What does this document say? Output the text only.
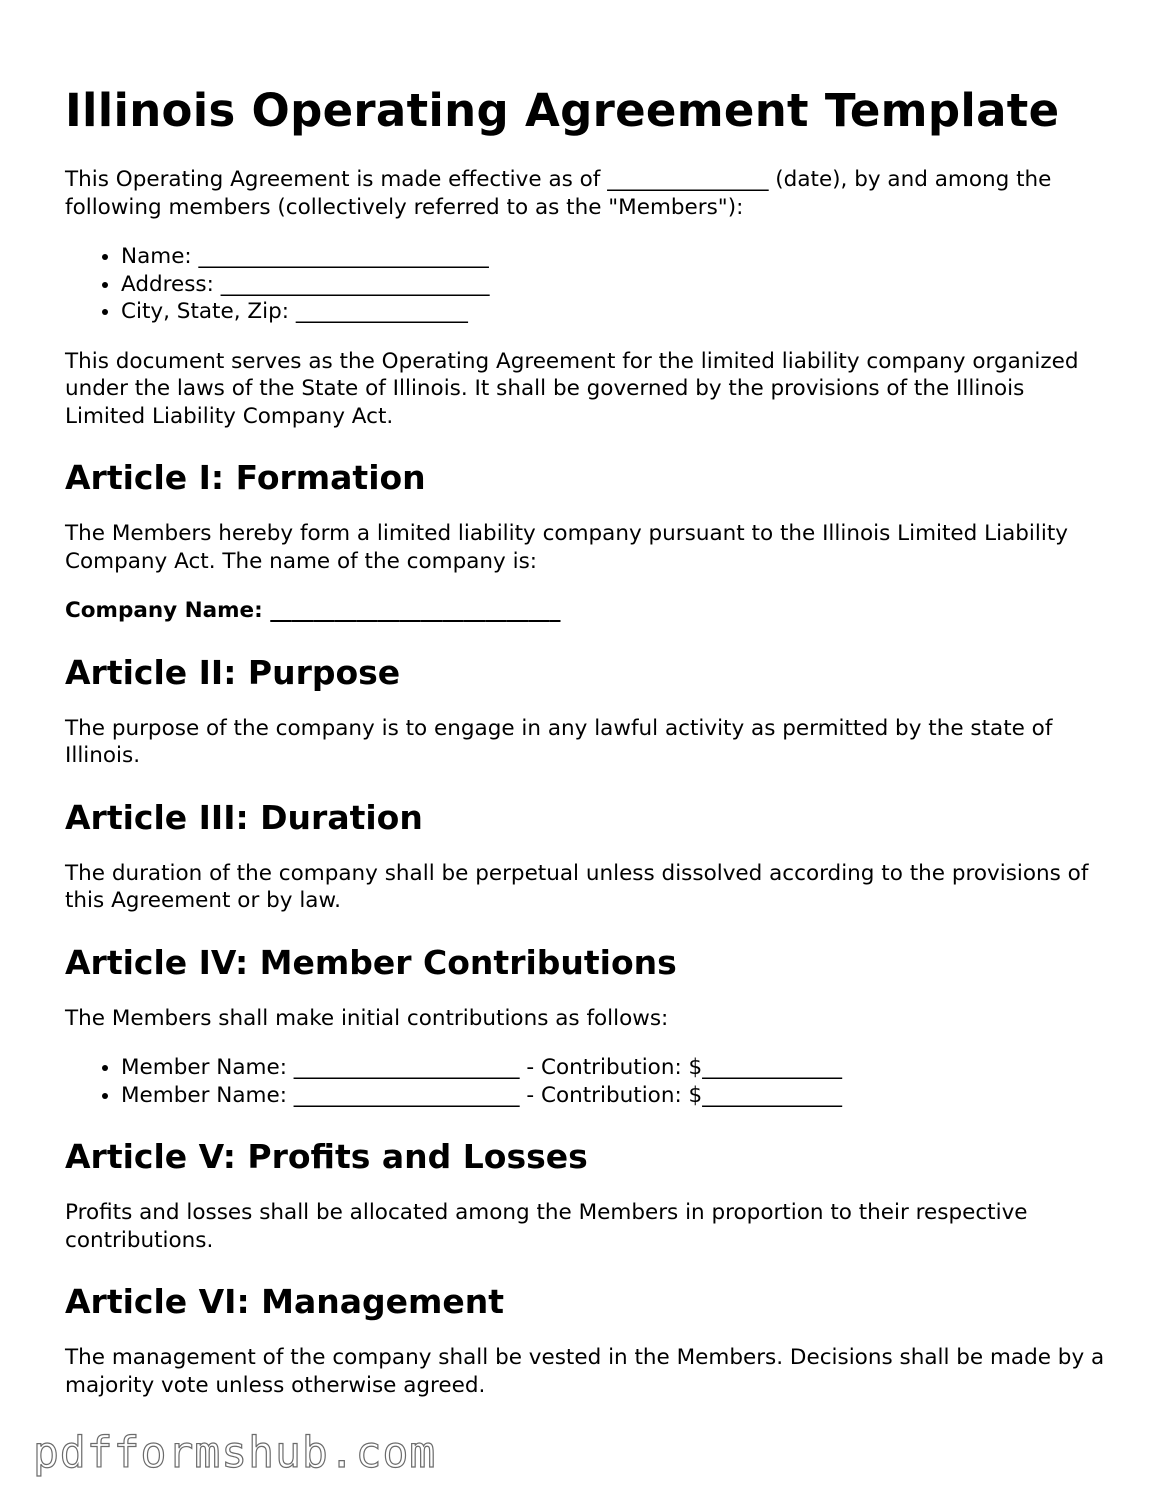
Illinois Operating Agreement Template

This Operating Agreement is made effective as of _______________ (date), by and among the following members (collectively referred to as the "Members"):

• Name: ___________________________
• Address: _________________________
• City, State, Zip: ________________

This document serves as the Operating Agreement for the limited liability company organized under the laws of the State of Illinois. It shall be governed by the provisions of the Illinois Limited Liability Company Act.

Article I: Formation

The Members hereby form a limited liability company pursuant to the Illinois Limited Liability Company Act. The name of the company is:

Company Name: ___________________________

Article II: Purpose

The purpose of the company is to engage in any lawful activity as permitted by the state of Illinois.

Article III: Duration

The duration of the company shall be perpetual unless dissolved according to the provisions of this Agreement or by law.

Article IV: Member Contributions

The Members shall make initial contributions as follows:

• Member Name: _____________________ - Contribution: $_____________
• Member Name: _____________________ - Contribution: $_____________
Article V: Profits and Losses

Profits and losses shall be allocated among the Members in proportion to their respective contributions.

Article VI: Management

The management of the company shall be vested in the Members. Decisions shall be made by a majority vote unless otherwise agreed.

pdfformshub.com
